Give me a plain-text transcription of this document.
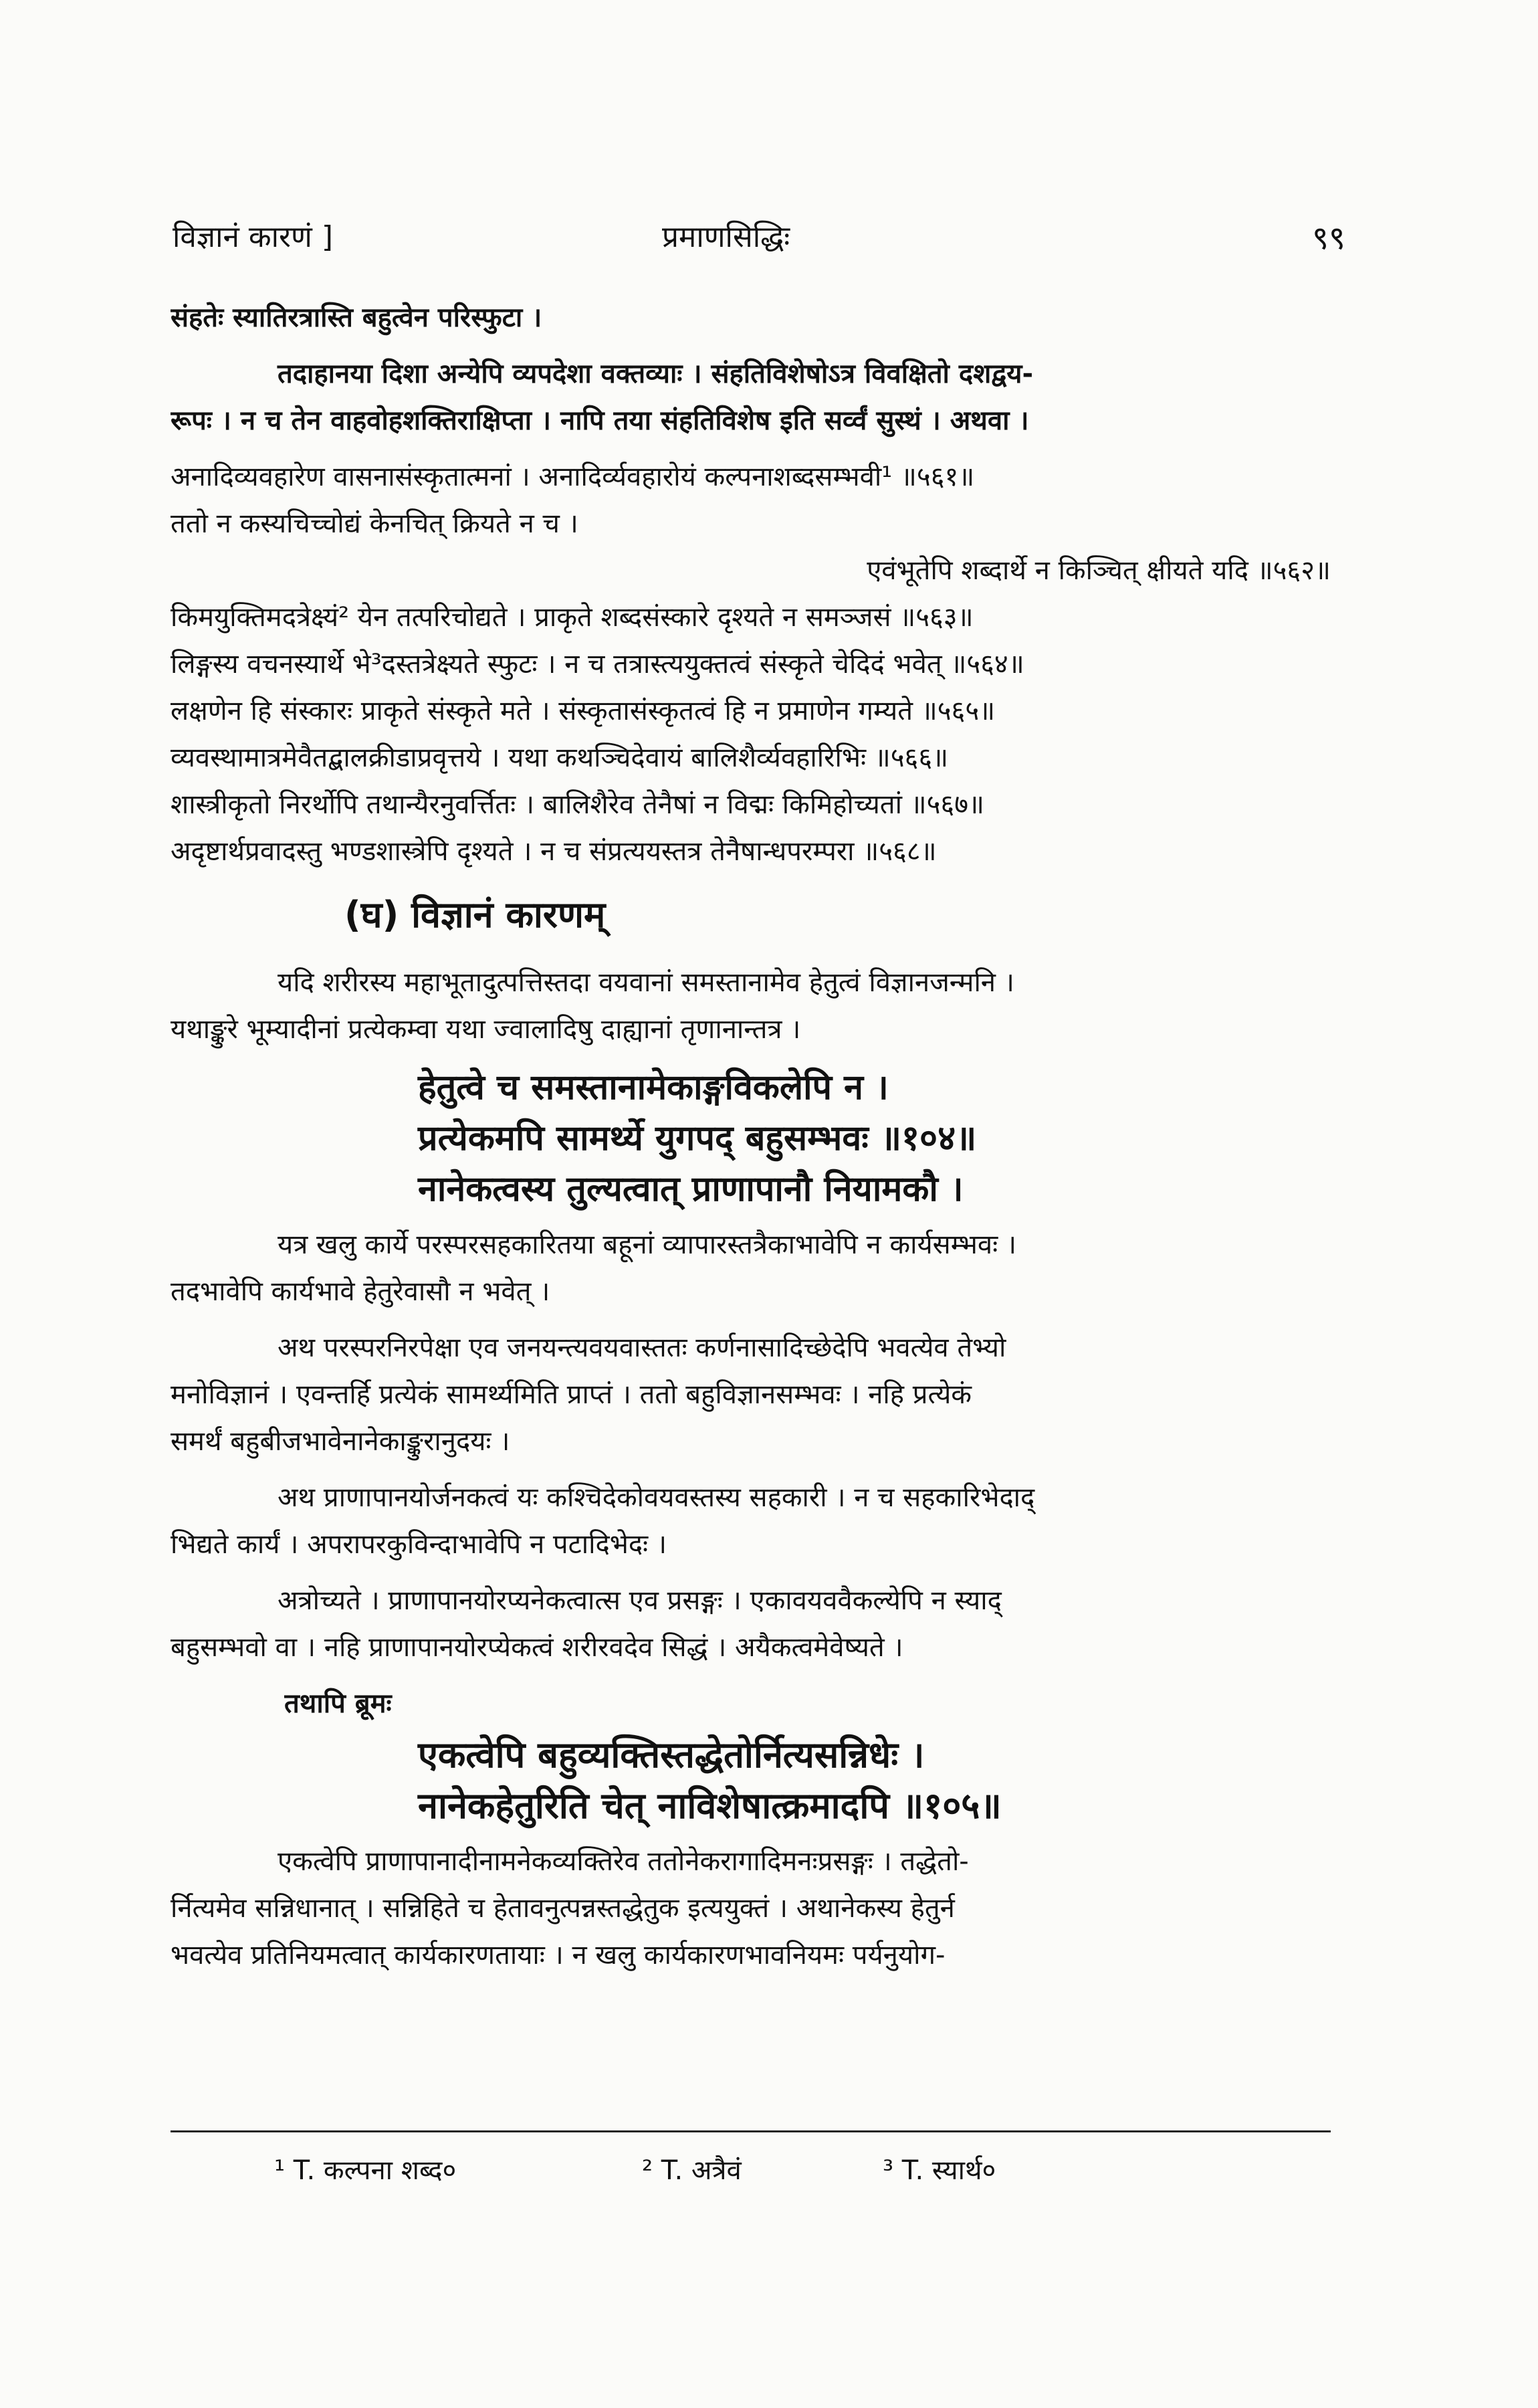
विज्ञानं कारणं ]	प्रमाणसिद्धिः	९९
संहतेः स्यातिरत्रास्ति बहुत्वेन परिस्फुटा ।
तदाहानया दिशा अन्येपि व्यपदेशा वक्तव्याः । संहतिविशेषोऽत्र विवक्षितो दशद्वय-
रूपः । न च तेन वाहवोहशक्तिराक्षिप्ता । नापि तया संहतिविशेष इति सर्व्वं सुस्थं । अथवा ।
अनादिव्यवहारेण वासनासंस्कृतात्मनां । अनादिर्व्यवहारोयं कल्पनाशब्दसम्भवी¹ ॥५६१॥
ततो न कस्यचिच्चोद्यं केनचित् क्रियते न च ।
एवंभूतेपि शब्दार्थे न किञ्चित् क्षीयते यदि ॥५६२॥
किमयुक्तिमदत्रेक्ष्यं² येन तत्परिचोद्यते । प्राकृते शब्दसंस्कारे दृश्यते न समञ्जसं ॥५६३॥
लिङ्गस्य वचनस्यार्थे भे³दस्तत्रेक्ष्यते स्फुटः । न च तत्रास्त्ययुक्तत्वं संस्कृते चेदिदं भवेत् ॥५६४॥
लक्षणेन हि संस्कारः प्राकृते संस्कृते मते । संस्कृतासंस्कृतत्वं हि न प्रमाणेन गम्यते ॥५६५॥
व्यवस्थामात्रमेवैतद्बालक्रीडाप्रवृत्तये । यथा कथञ्चिदेवायं बालिशैर्व्यवहारिभिः ॥५६६॥
शास्त्रीकृतो निरर्थोपि तथान्यैरनुवर्त्तितः । बालिशैरेव तेनैषां न विद्मः किमिहोच्यतां ॥५६७॥
अदृष्टार्थप्रवादस्तु भण्डशास्त्रेपि दृश्यते । न च संप्रत्ययस्तत्र तेनैषान्धपरम्परा ॥५६८॥
(घ) विज्ञानं कारणम्
यदि शरीरस्य महाभूतादुत्पत्तिस्तदा वयवानां समस्तानामेव हेतुत्वं विज्ञानजन्मनि ।
यथाङ्कुरे भूम्यादीनां प्रत्येकम्वा यथा ज्वालादिषु दाह्यानां तृणानान्तत्र ।
हेतुत्वे च समस्तानामेकाङ्गविकलेपि न ।
प्रत्येकमपि सामर्थ्ये युगपद् बहुसम्भवः ॥१०४॥
नानेकत्वस्य तुल्यत्वात् प्राणापानौ नियामकौ ।
यत्र खलु कार्ये परस्परसहकारितया बहूनां व्यापारस्तत्रैकाभावेपि न कार्यसम्भवः ।
तदभावेपि कार्यभावे हेतुरेवासौ न भवेत् ।
अथ परस्परनिरपेक्षा एव जनयन्त्यवयवास्ततः कर्णनासादिच्छेदेपि भवत्येव तेभ्यो
मनोविज्ञानं । एवन्तर्हि प्रत्येकं सामर्थ्यमिति प्राप्तं । ततो बहुविज्ञानसम्भवः । नहि प्रत्येकं
समर्थं बहुबीजभावेनानेकाङ्कुरानुदयः ।
अथ प्राणापानयोर्जनकत्वं यः कश्चिदेकोवयवस्तस्य सहकारी । न च सहकारिभेदाद्
भिद्यते कार्यं । अपरापरकुविन्दाभावेपि न पटादिभेदः ।
अत्रोच्यते । प्राणापानयोरप्यनेकत्वात्स एव प्रसङ्गः । एकावयववैकल्येपि न स्याद्
बहुसम्भवो वा । नहि प्राणापानयोरप्येकत्वं शरीरवदेव सिद्धं । अयैकत्वमेवेष्यते ।
तथापि ब्रूमः
एकत्वेपि बहुव्यक्तिस्तद्धेतोर्नित्यसन्निधेः ।
नानेकहेतुरिति चेत् नाविशेषात्क्रमादपि ॥१०५॥
एकत्वेपि प्राणापानादीनामनेकव्यक्तिरेव ततोनेकरागादिमनःप्रसङ्गः । तद्धेतो-
र्नित्यमेव सन्निधानात् । सन्निहिते च हेतावनुत्पन्नस्तद्धेतुक इत्ययुक्तं । अथानेकस्य हेतुर्न
भवत्येव प्रतिनियमत्वात् कार्यकारणतायाः । न खलु कार्यकारणभावनियमः पर्यनुयोग-
¹ T. कल्पना शब्द०	² T. अत्रैवं	³ T. स्यार्थ०
